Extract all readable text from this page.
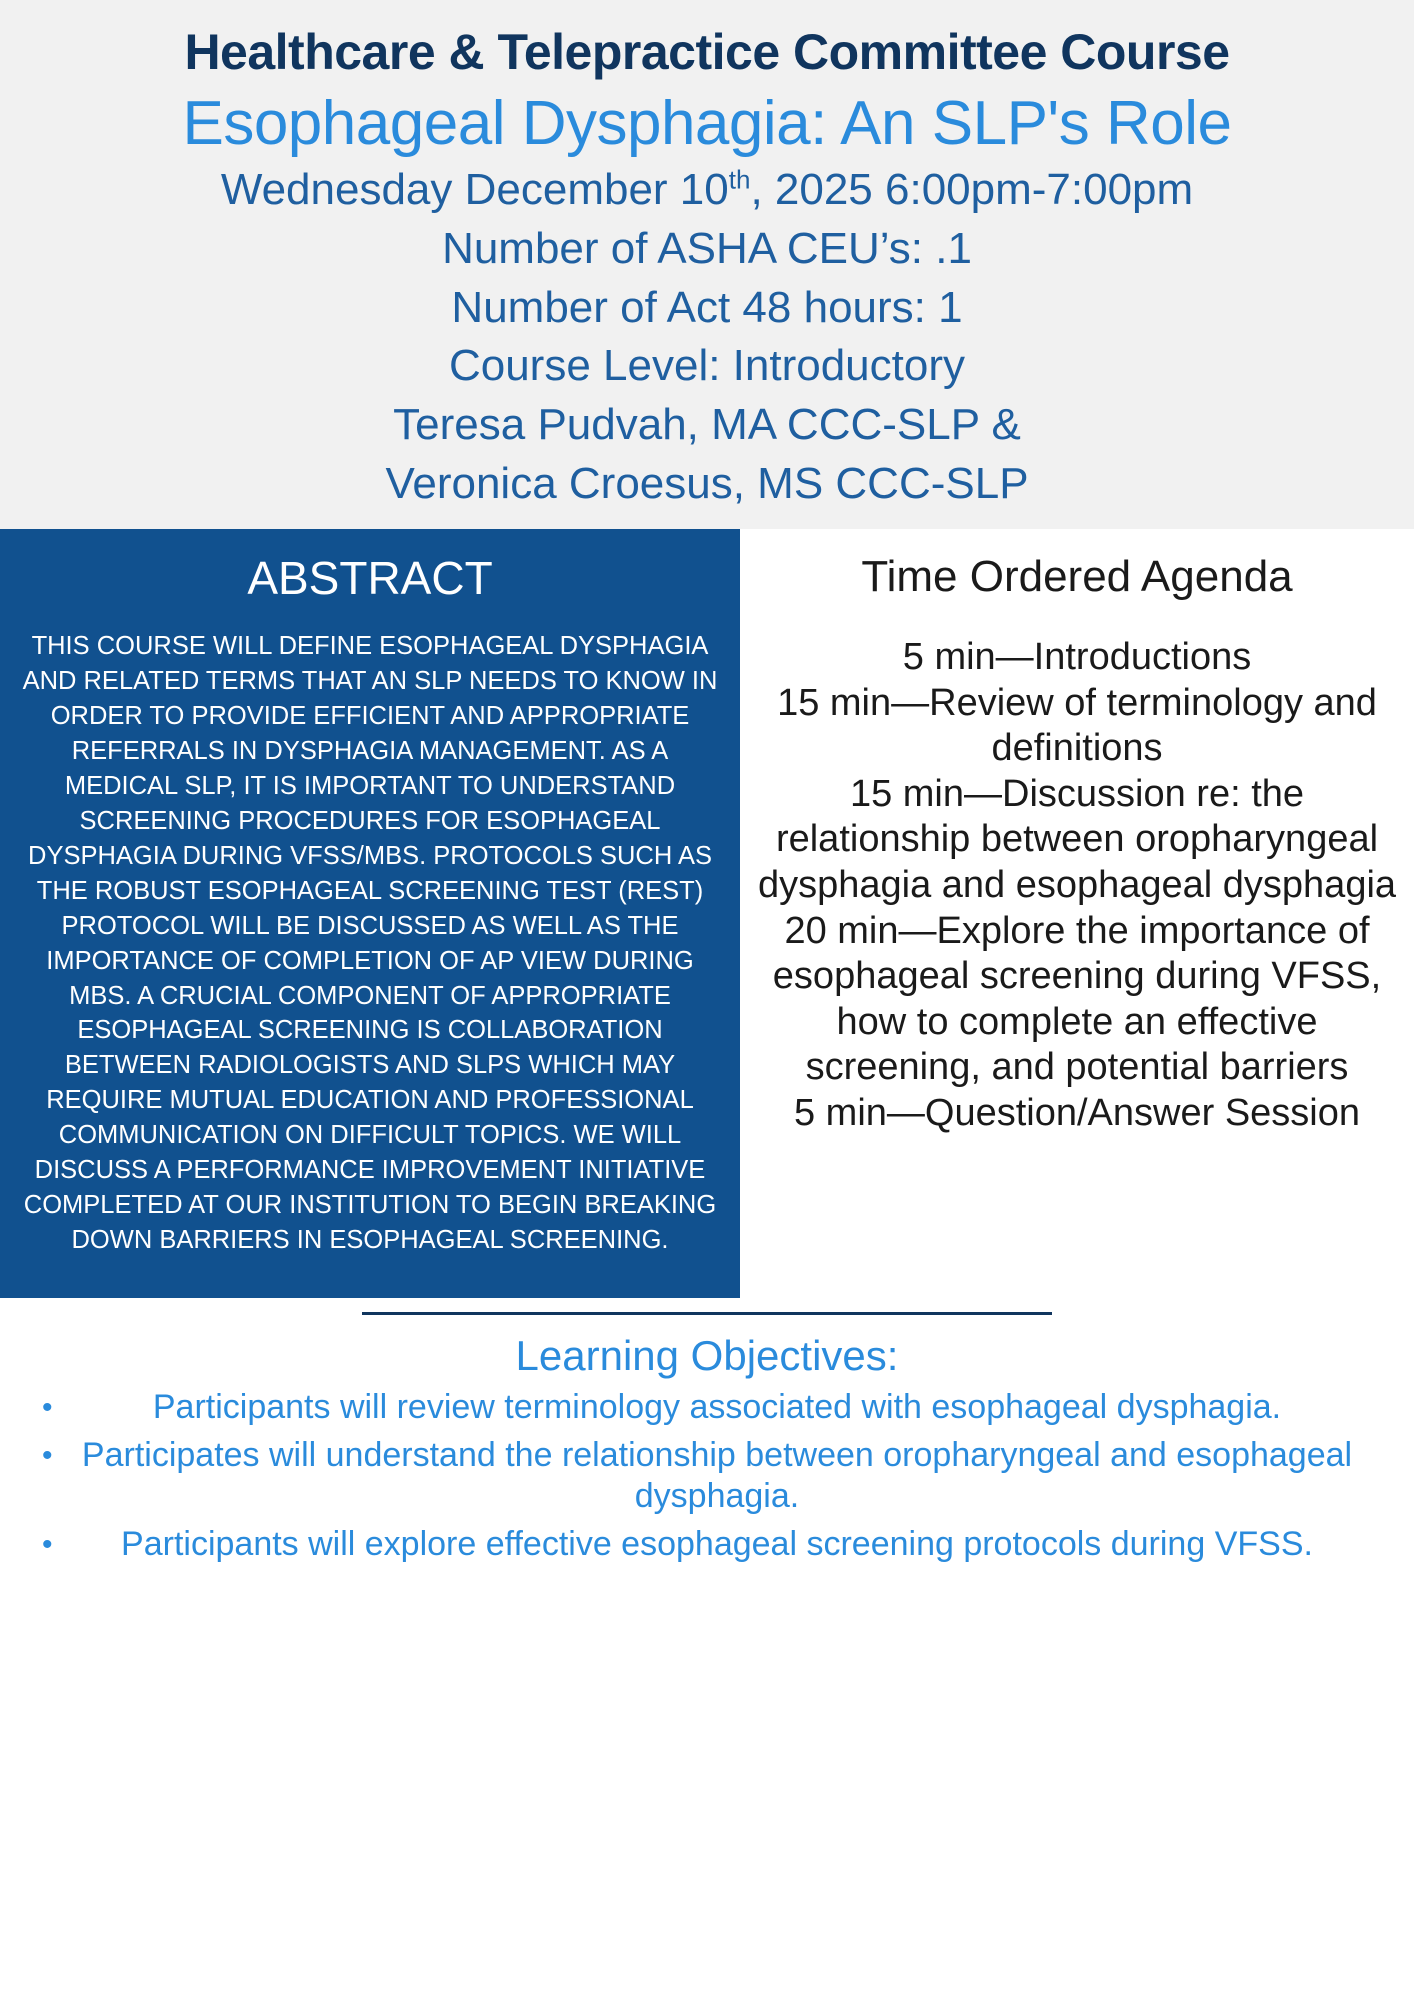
Healthcare & Telepractice Committee Course
Esophageal Dysphagia: An SLP's Role
Wednesday December 10th, 2025 6:00pm-7:00pm
Number of ASHA CEU’s: .1
Number of Act 48 hours: 1
Course Level: Introductory
Teresa Pudvah, MA CCC-SLP &
Veronica Croesus, MS CCC-SLP
ABSTRACT
THIS COURSE WILL DEFINE ESOPHAGEAL DYSPHAGIA AND RELATED TERMS THAT AN SLP NEEDS TO KNOW IN ORDER TO PROVIDE EFFICIENT AND APPROPRIATE REFERRALS IN DYSPHAGIA MANAGEMENT. AS A MEDICAL SLP, IT IS IMPORTANT TO UNDERSTAND SCREENING PROCEDURES FOR ESOPHAGEAL DYSPHAGIA DURING VFSS/MBS. PROTOCOLS SUCH AS THE ROBUST ESOPHAGEAL SCREENING TEST (REST) PROTOCOL WILL BE DISCUSSED AS WELL AS THE IMPORTANCE OF COMPLETION OF AP VIEW DURING MBS. A CRUCIAL COMPONENT OF APPROPRIATE ESOPHAGEAL SCREENING IS COLLABORATION BETWEEN RADIOLOGISTS AND SLPS WHICH MAY REQUIRE MUTUAL EDUCATION AND PROFESSIONAL COMMUNICATION ON DIFFICULT TOPICS. WE WILL DISCUSS A PERFORMANCE IMPROVEMENT INITIATIVE COMPLETED AT OUR INSTITUTION TO BEGIN BREAKING DOWN BARRIERS IN ESOPHAGEAL SCREENING.
Time Ordered Agenda

5 min—Introductions

15 min—Review of terminology and definitions

15 min—Discussion re: the relationship between oropharyngeal dysphagia and esophageal dysphagia

20 min—Explore the importance of esophageal screening during VFSS, how to complete an effective screening, and potential barriers

5 min—Question/Answer Session

Learning Objectives:
•	Participants will review terminology associated with esophageal dysphagia.
• Participates will understand the relationship between oropharyngeal and esophageal dysphagia.
• Participants will explore effective esophageal screening protocols during VFSS.
